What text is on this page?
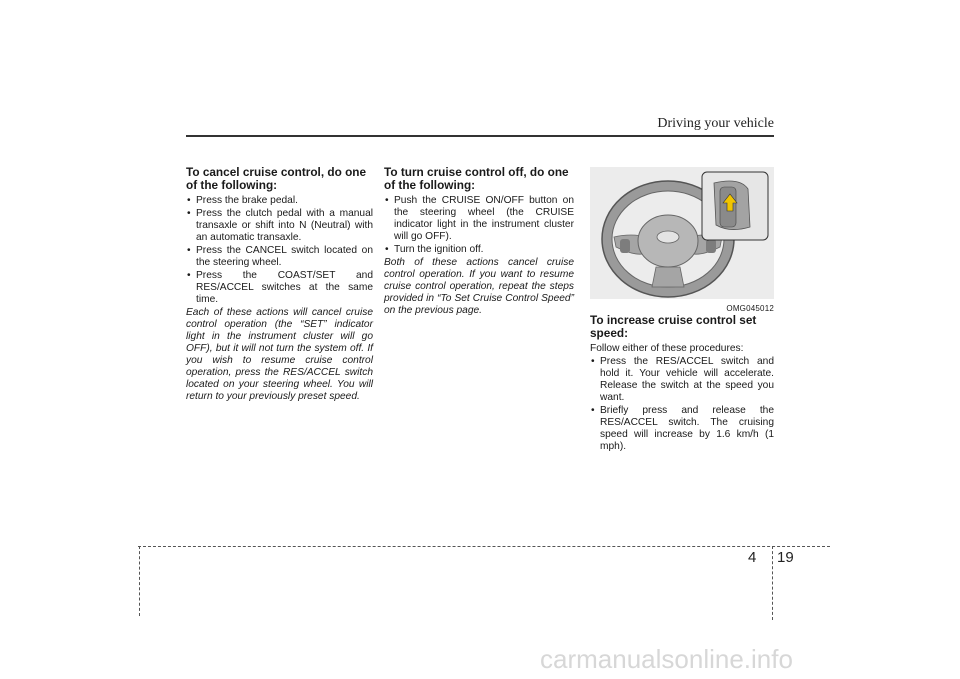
Driving your vehicle
To cancel cruise control, do one of the following:
• Press the brake pedal.
• Press the clutch pedal with a manual transaxle or shift into N (Neutral) with an automatic transaxle.
• Press the CANCEL switch located on the steering wheel.
• Press the COAST/SET and RES/ACCEL switches at the same time.

Each of these actions will cancel cruise control operation (the “SET” indicator light in the instrument cluster will go OFF), but it will not turn the system off. If you wish to resume cruise control operation, press the RES/ACCEL switch located on your steering wheel. You will return to your previously preset speed.

To turn cruise control off, do one of the following:
• Push the CRUISE ON/OFF button on the steering wheel (the CRUISE indicator light in the instrument cluster will go OFF).
• Turn the ignition off.

Both of these actions cancel cruise control operation. If you want to resume cruise control operation, repeat the steps provided in “To Set Cruise Control Speed” on the previous page.	OMG045012
To increase cruise control set speed:

Follow either of these procedures:

• Press the RES/ACCEL switch and hold it. Your vehicle will accelerate. Release the switch at the speed you want.
• Briefly press and release the RES/ACCEL switch. The cruising speed will increase by 1.6 km/h (1 mph).
4 19
carmanualsonline.info
